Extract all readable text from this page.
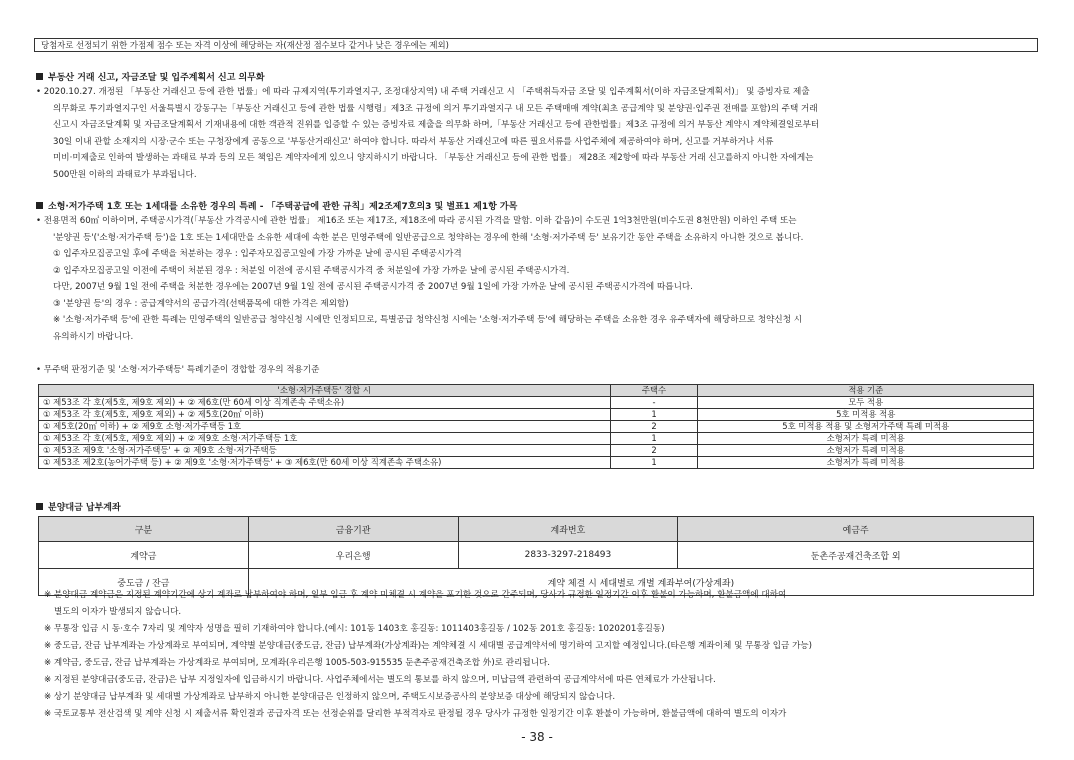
당첨자로 선정되기 위한 가점제 점수 또는 자격 이상에 해당하는 자(재산정 점수보다 같거나 낮은 경우에는 제외)
부동산 거래 신고, 자금조달 및 입주계획서 신고 의무화
• 2020.10.27. 개정된 「부동산 거래신고 등에 관한 법률」에 따라 규제지역(투기과열지구, 조정대상지역) 내 주택 거래신고 시 「주택취득자금 조달 및 입주계획서(이하 자금조달계획서)」 및 증빙자료 제출
의무화로 투기과열지구인 서울특별시 강동구는「부동산 거래신고 등에 관한 법률 시행령」제3조 규정에 의거 투기과열지구 내 모든 주택매매 계약(최초 공급계약 및 분양권·입주권 전매를 포함)의 주택 거래
신고시 자금조달계획 및 자금조달계획서 기재내용에 대한 객관적 진위를 입증할 수 있는 증빙자료 제출을 의무화 하며,「부동산 거래신고 등에 관한법률」제3조 규정에 의거 부동산 계약시 계약체결일로부터
30일 이내 관할 소재지의 시장·군수 또는 구청장에게 공동으로 '부동산거래신고' 하여야 합니다. 따라서 부동산 거래신고에 따른 필요서류를 사업주체에 제공하여야 하며, 신고를 거부하거나 서류
미비·미제출로 인하여 발생하는 과태료 부과 등의 모든 책임은 계약자에게 있으니 양지하시기 바랍니다. 「부동산 거래신고 등에 관한 법률」 제28조 제2항에 따라 부동산 거래 신고를하지 아니한 자에게는
500만원 이하의 과태료가 부과됩니다.
소형·저가주택 1호 또는 1세대를 소유한 경우의 특례 - 「주택공급에 관한 규칙」제2조제7호의3 및 별표1 제1항 가목
• 전용면적 60㎡ 이하이며, 주택공시가격(「부동산 가격공시에 관한 법률」 제16조 또는 제17조, 제18조에 따라 공시된 가격을 말함. 이하 같음)이 수도권 1억3천만원(비수도권 8천만원) 이하인 주택 또는
'분양권 등'('소형·저가주택 등')을 1호 또는 1세대만을 소유한 세대에 속한 분은 민영주택에 일반공급으로 청약하는 경우에 한해 '소형·저가주택 등' 보유기간 동안 주택을 소유하지 아니한 것으로 봅니다.
① 입주자모집공고일 후에 주택을 처분하는 경우 : 입주자모집공고일에 가장 가까운 날에 공시된 주택공시가격
② 입주자모집공고일 이전에 주택이 처분된 경우 : 처분일 이전에 공시된 주택공시가격 중 처분일에 가장 가까운 날에 공시된 주택공시가격.
다만, 2007년 9월 1일 전에 주택을 처분한 경우에는 2007년 9월 1일 전에 공시된 주택공시가격 중 2007년 9월 1일에 가장 가까운 날에 공시된 주택공시가격에 따릅니다.
③ '분양권 등'의 경우 : 공급계약서의 공급가격(선택품목에 대한 가격은 제외함)
※ '소형·저가주택 등'에 관한 특례는 민영주택의 일반공급 청약신청 시에만 인정되므로, 특별공급 청약신청 시에는 '소형·저가주택 등'에 해당하는 주택을 소유한 경우 유주택자에 해당하므로 청약신청 시
유의하시기 바랍니다.
• 무주택 판정기준 및 '소형·저가주택등' 특례기준이 경합할 경우의 적용기준
'소형·저가주택등' 경합 시	주택수	적용 기준
① 제53조 각 호(제5호, 제9호 제외) + ② 제6호(만 60세 이상 직계존속 주택소유)	-	모두 적용
① 제53조 각 호(제5호, 제9호 제외) + ② 제5호(20㎡ 이하)	1	5호 미적용 적용
① 제5호(20㎡ 이하) + ② 제9호 소형·저가주택등 1호	2	5호 미적용 적용 및 소형저가주택 특례 미적용
① 제53조 각 호(제5호, 제9호 제외) + ② 제9호 소형·저가주택등 1호	1	소형저가 특례 미적용
① 제53조 제9호 '소형·저가주택등' + ② 제9호 소형·저가주택등	2	소형저가 특례 미적용
① 제53조 제2호(농어가주택 등) + ② 제9호 '소형·저가주택등' + ③ 제6호(만 60세 이상 직계존속 주택소유)	1	소형저가 특례 미적용
분양대금 납부계좌
구분	금융기관	계좌번호	예금주
계약금	우리은행	2833-3297-218493	둔촌주공재건축조합 외
중도금 / 잔금	계약 체결 시 세대별로 개별 계좌부여(가상계좌)		
※ 분양대금 계약금은 지정된 계약기간에 상기 계좌로 납부하여야 하며, 일부 입금 후 계약 미체결 시 계약을 포기한 것으로 간주되며, 당사가 규정한 일정기간 이후 환불이 가능하며, 환불금액에 대하여
별도의 이자가 발생되지 않습니다.
※ 무통장 입금 시 동·호수 7자리 및 계약자 성명을 필히 기재하여야 합니다.(예시: 101동 1403호 홍길동: 1011403홍길동 / 102동 201호 홍길동: 1020201홍길동)
※ 중도금, 잔금 납부계좌는 가상계좌로 부여되며, 계약별 분양대금(중도금, 잔금) 납부계좌(가상계좌)는 계약체결 시 세대별 공급계약서에 명기하여 고지할 예정입니다.(타은행 계좌이체 및 무통장 입금 가능)
※ 계약금, 중도금, 잔금 납부계좌는 가상계좌로 부여되며, 모계좌(우리은행 1005-503-915535 둔촌주공재건축조합 外)로 관리됩니다.
※ 지정된 분양대금(중도금, 잔금)은 납부 지정일자에 입금하시기 바랍니다. 사업주체에서는 별도의 통보를 하지 않으며, 미납금액 관련하여 공급계약서에 따른 연체료가 가산됩니다.
※ 상기 분양대금 납부계좌 및 세대별 가상계좌로 납부하지 아니한 분양대금은 인정하지 않으며, 주택도시보증공사의 분양보증 대상에 해당되지 않습니다.
※ 국토교통부 전산검색 및 계약 신청 시 제출서류 확인결과 공급자격 또는 선정순위를 달리한 부적격자로 판정될 경우 당사가 규정한 일정기간 이후 환불이 가능하며, 환불금액에 대하여 별도의 이자가
- 38 -
